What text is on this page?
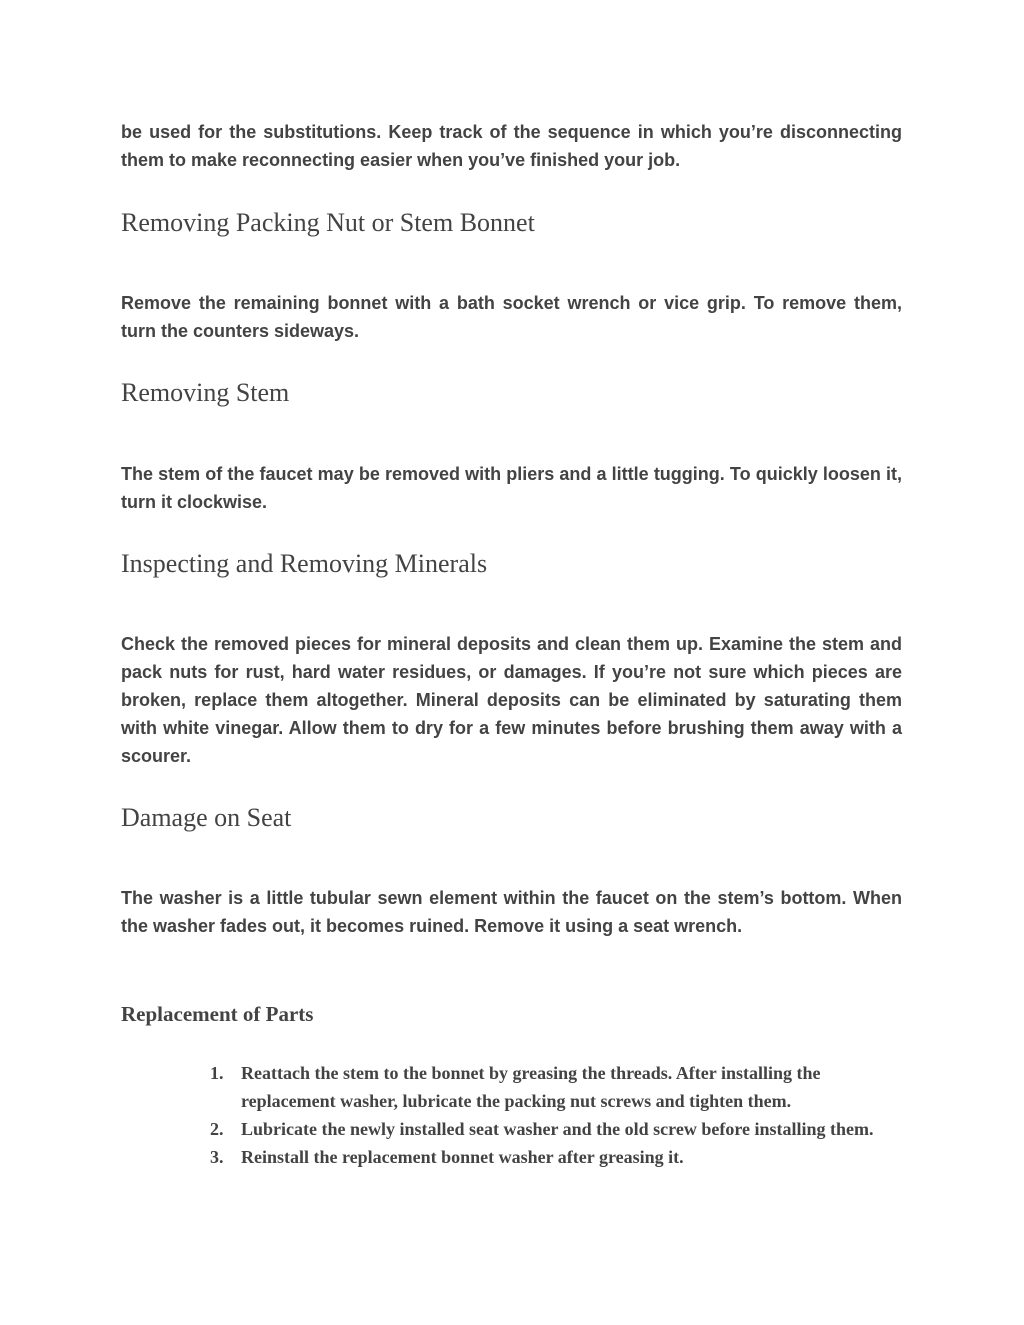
be used for the substitutions. Keep track of the sequence in which you’re disconnecting them to make reconnecting easier when you’ve finished your job.

Removing Packing Nut or Stem Bonnet

Remove the remaining bonnet with a bath socket wrench or vice grip. To remove them, turn the counters sideways.

Removing Stem

The stem of the faucet may be removed with pliers and a little tugging. To quickly loosen it, turn it clockwise.

Inspecting and Removing Minerals

Check the removed pieces for mineral deposits and clean them up. Examine the stem and pack nuts for rust, hard water residues, or damages. If you’re not sure which pieces are broken, replace them altogether. Mineral deposits can be eliminated by saturating them with white vinegar. Allow them to dry for a few minutes before brushing them away with a scourer.

Damage on Seat

The washer is a little tubular sewn element within the faucet on the stem’s bottom. When the washer fades out, it becomes ruined. Remove it using a seat wrench.

Replacement of Parts
1. Reattach the stem to the bonnet by greasing the threads. After installing the replacement washer, lubricate the packing nut screws and tighten them.
2. Lubricate the newly installed seat washer and the old screw before installing them.
3. Reinstall the replacement bonnet washer after greasing it.
